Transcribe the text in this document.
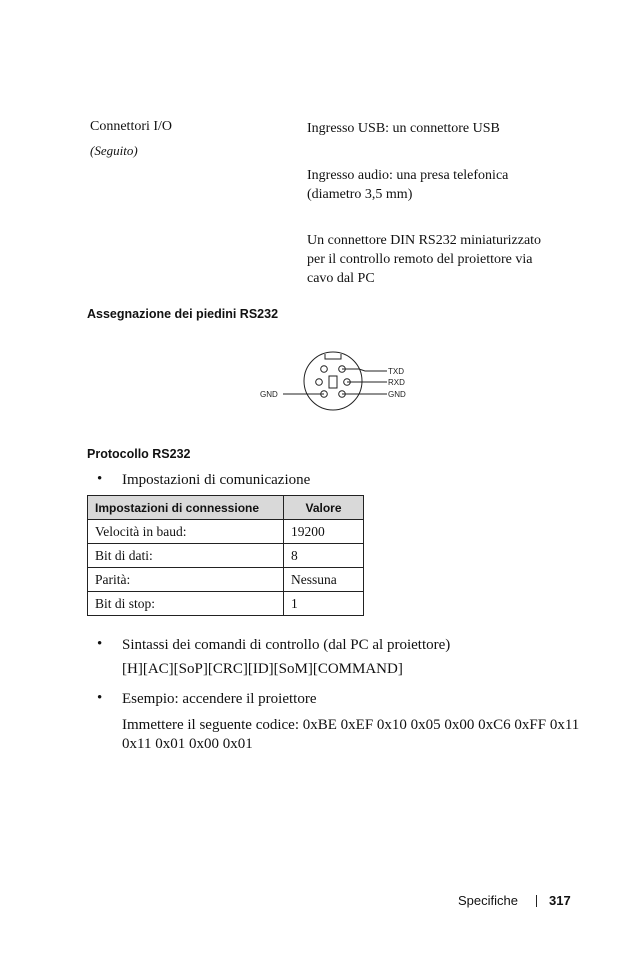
Connettori I/O
(Seguito)
Ingresso USB: un connettore USB
Ingresso audio: una presa telefonica (diametro 3,5 mm)
Un connettore DIN RS232 miniaturizzato per il controllo remoto del proiettore via cavo dal PC
Assegnazione dei piedini RS232
TXD
RXD
GND
GND
Protocollo RS232
• Impostazioni di comunicazione
Impostazioni di connessione	Valore
Velocità in baud:	19200
Bit di dati:	8
Parità:	Nessuna
Bit di stop:	1
• Sintassi dei comandi di controllo (dal PC al proiettore)
[H][AC][SoP][CRC][ID][SoM][COMMAND]
• Esempio: accendere il proiettore
Immettere il seguente codice: 0xBE 0xEF 0x10 0x05 0x00 0xC6 0xFF 0x11 0x11 0x01 0x00 0x01
Specifiche 317
